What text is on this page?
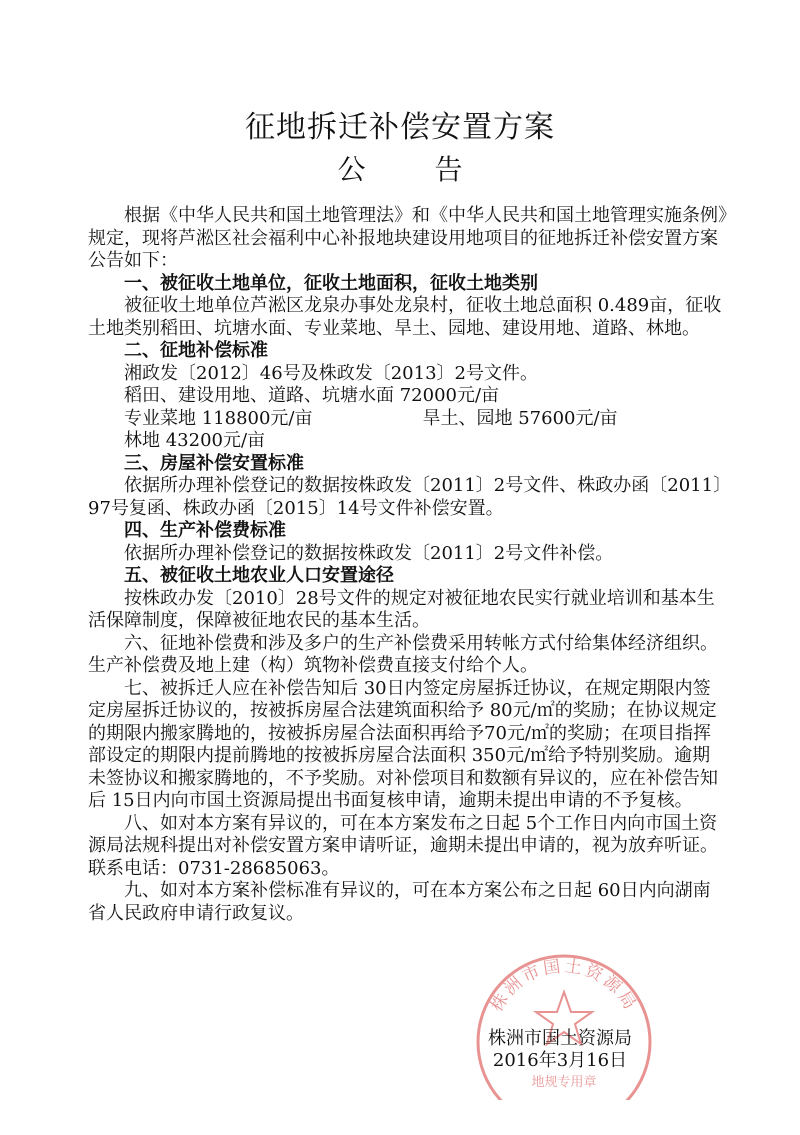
征地拆迁补偿安置方案
公 告

根据《中华人民共和国土地管理法》和《中华人民共和国土地管理实施条例》规定，现将芦淞区社会福利中心补报地块建设用地项目的征地拆迁补偿安置方案公告如下：

一、被征收土地单位，征收土地面积，征收土地类别

被征收土地单位芦淞区龙泉办事处龙泉村，征收土地总面积 0.489亩，征收土地类别稻田、坑塘水面、专业菜地、旱土、园地、建设用地、道路、林地。

二、征地补偿标准

湘政发〔2012〕46号及株政发〔2013〕2号文件。

稻田、建设用地、道路、坑塘水面 72000元/亩

专业菜地 118800元/亩	旱土、园地 57600元/亩

林地 43200元/亩

三、房屋补偿安置标准

依据所办理补偿登记的数据按株政发〔2011〕2号文件、株政办函〔2011〕97号复函、株政办函〔2015〕14号文件补偿安置。

四、生产补偿费标准

依据所办理补偿登记的数据按株政发〔2011〕2号文件补偿。

五、被征收土地农业人口安置途径

按株政办发〔2010〕28号文件的规定对被征地农民实行就业培训和基本生活保障制度，保障被征地农民的基本生活。

六、征地补偿费和涉及多户的生产补偿费采用转帐方式付给集体经济组织。生产补偿费及地上建（构）筑物补偿费直接支付给个人。

七、被拆迁人应在补偿告知后 30日内签定房屋拆迁协议，在规定期限内签定房屋拆迁协议的，按被拆房屋合法建筑面积给予 80元/㎡的奖励；在协议规定的期限内搬家腾地的，按被拆房屋合法面积再给予70元/㎡的奖励；在项目指挥部设定的期限内提前腾地的按被拆房屋合法面积 350元/㎡给予特别奖励。逾期未签协议和搬家腾地的，不予奖励。对补偿项目和数额有异议的，应在补偿告知后 15日内向市国土资源局提出书面复核申请，逾期未提出申请的不予复核。

八、如对本方案有异议的，可在本方案发布之日起 5个工作日内向市国土资源局法规科提出对补偿安置方案申请听证，逾期未提出申请的，视为放弃听证。联系电话：0731-28685063。

九、如对本方案补偿标准有异议的，可在本方案公布之日起 60日内向湖南省人民政府申请行政复议。

株洲市国土资源局
地规专用章
株洲市国土资源局
2016年3月16日
